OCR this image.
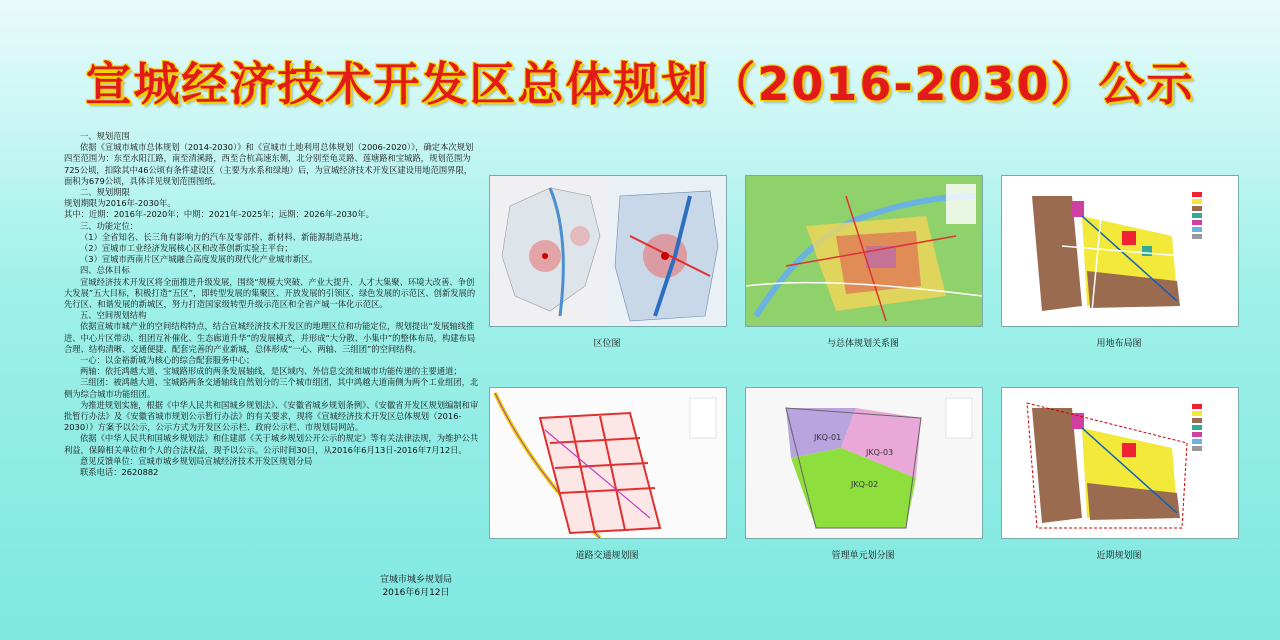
宣城经济技术开发区总体规划（2016-2030）公示

一、规划范围

依据《宣城市城市总体规划（2014-2030）》和《宣城市土地利用总体规划（2006-2020）》，确定本次规划四至范围为：东至水阳江路，南至清溪路，西至合杭高速东侧，北分别至龟灵路、莲塘路和宝城路，规划范围为725公顷，扣除其中46公顷有条件建设区（主要为水系和绿地）后，为宣城经济技术开发区建设用地范围界限，面积为679公顷，具体详见规划范围图纸。

二、规划期限

规划期限为2016年-2030年。

其中：近期：2016年-2020年；中期：2021年-2025年；远期：2026年-2030年。

三、功能定位：

（1）全省知名、长三角有影响力的汽车及零部件、新材料、新能源制造基地；

（2）宣城市工业经济发展核心区和改革创新实验主平台；

（3）宣城市西南片区产城融合高度发展的现代化产业城市新区。

四、总体目标

宣城经济技术开发区将全面推进升级发展，围绕“规模大突破、产业大提升、人才大集聚、环境大改善、争创大发展”五大目标，积极打造“五区”，即转型发展的集聚区、开放发展的引领区、绿色发展的示范区、创新发展的先行区、和谐发展的新城区，努力打造国家级转型升级示范区和全省产城一体化示范区。

五、空间规划结构

依据宣城市城产业的空间结构特点，结合宣城经济技术开发区的地理区位和功能定位，规划提出“发展轴线推进、中心片区带动、组团互补催化、生态廊道升华”的发展模式，并形成“大分散、小集中”的整体布局，构建布局合理、结构清晰、交通便捷、配套完善的产业新城，总体形成“一心、两轴、三组团”的空间结构。

一心：以金裕新城为核心的综合配套服务中心；

两轴：依托鸿越大道、宝城路形成的两条发展轴线，是区域内、外信息交流和城市功能传递的主要通道；

三组团：被鸿越大道、宝城路两条交通轴线自然划分的三个城市组团，其中鸿越大道南侧为两个工业组团，北侧为综合城市功能组团。

为推进规划实施，根据《中华人民共和国城乡规划法》、《安徽省城乡规划条例》、《安徽省开发区规划编制和审批暂行办法》及《安徽省城市规划公示暂行办法》的有关要求，现将《宣城经济技术开发区总体规划（2016-2030）》方案予以公示，公示方式为开发区公示栏、政府公示栏、市规划局网站。

依据《中华人民共和国城乡规划法》和住建部《关于城乡规划公开公示的规定》等有关法律法规，为维护公共利益，保障相关单位和个人的合法权益，现予以公示。公示时间30日，从2016年6月13日-2016年7月12日。

意见反馈单位：宣城市城乡规划局宣城经济技术开发区规划分局

联系电话：2620882

宣城市城乡规划局
2016年6月12日
区位图	与总体规划关系图	用地布局图
道路交通规划图
JKQ-01
JKQ-03
JKQ-02
管理单元划分图	近期规划图
